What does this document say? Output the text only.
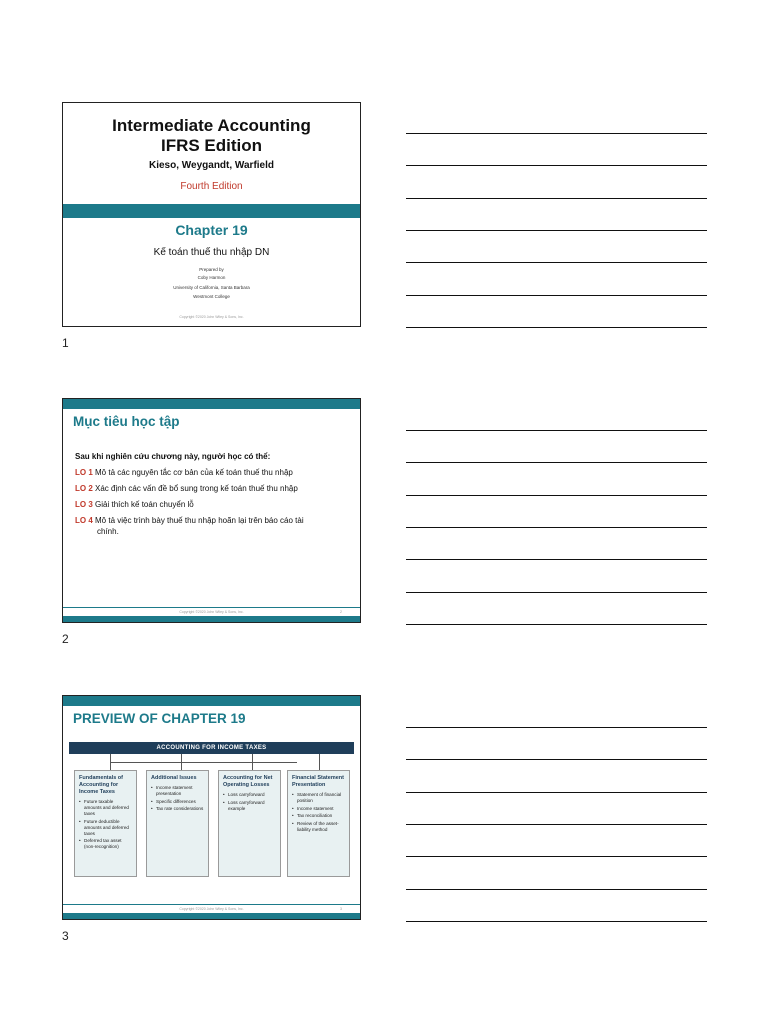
Intermediate Accounting
IFRS Edition
Kieso, Weygandt, Warfield
Fourth Edition
Chapter 19
Kế toán thuế thu nhập DN
Prepared by
Coby Harmon
University of California, Santa Barbara
Westmont College
Copyright ©2020 John Wiley & Sons, Inc.
1
Mục tiêu học tập
Sau khi nghiên cứu chương này, người học có thể:
LO 1 Mô tả các nguyên tắc cơ bản của kế toán thuế thu nhập
LO 2 Xác định các vấn đề bổ sung trong kế toán thuế thu nhập
LO 3 Giải thích kế toán chuyển lỗ
LO 4 Mô tả việc trình bày thuế thu nhập hoãn lại trên báo cáo tài
chính.
Copyright ©2020 John Wiley & Sons, Inc.	2
2
PREVIEW OF CHAPTER 19
ACCOUNTING FOR INCOME TAXES
Fundamentals of Accounting for Income Taxes
• Future taxable amounts and deferred taxes
• Future deductible amounts and deferred taxes
• Deferred tax asset (non-recognition)
Additional Issues
• Income statement presentation
• Specific differences
• Tax rate considerations
Accounting for Net Operating Losses
• Loss carryforward
• Loss carryforward example
Financial Statement Presentation
• Statement of financial position
• Income statement
• Tax reconciliation
• Review of the asset-liability method
Copyright ©2020 John Wiley & Sons, Inc.	3
3
